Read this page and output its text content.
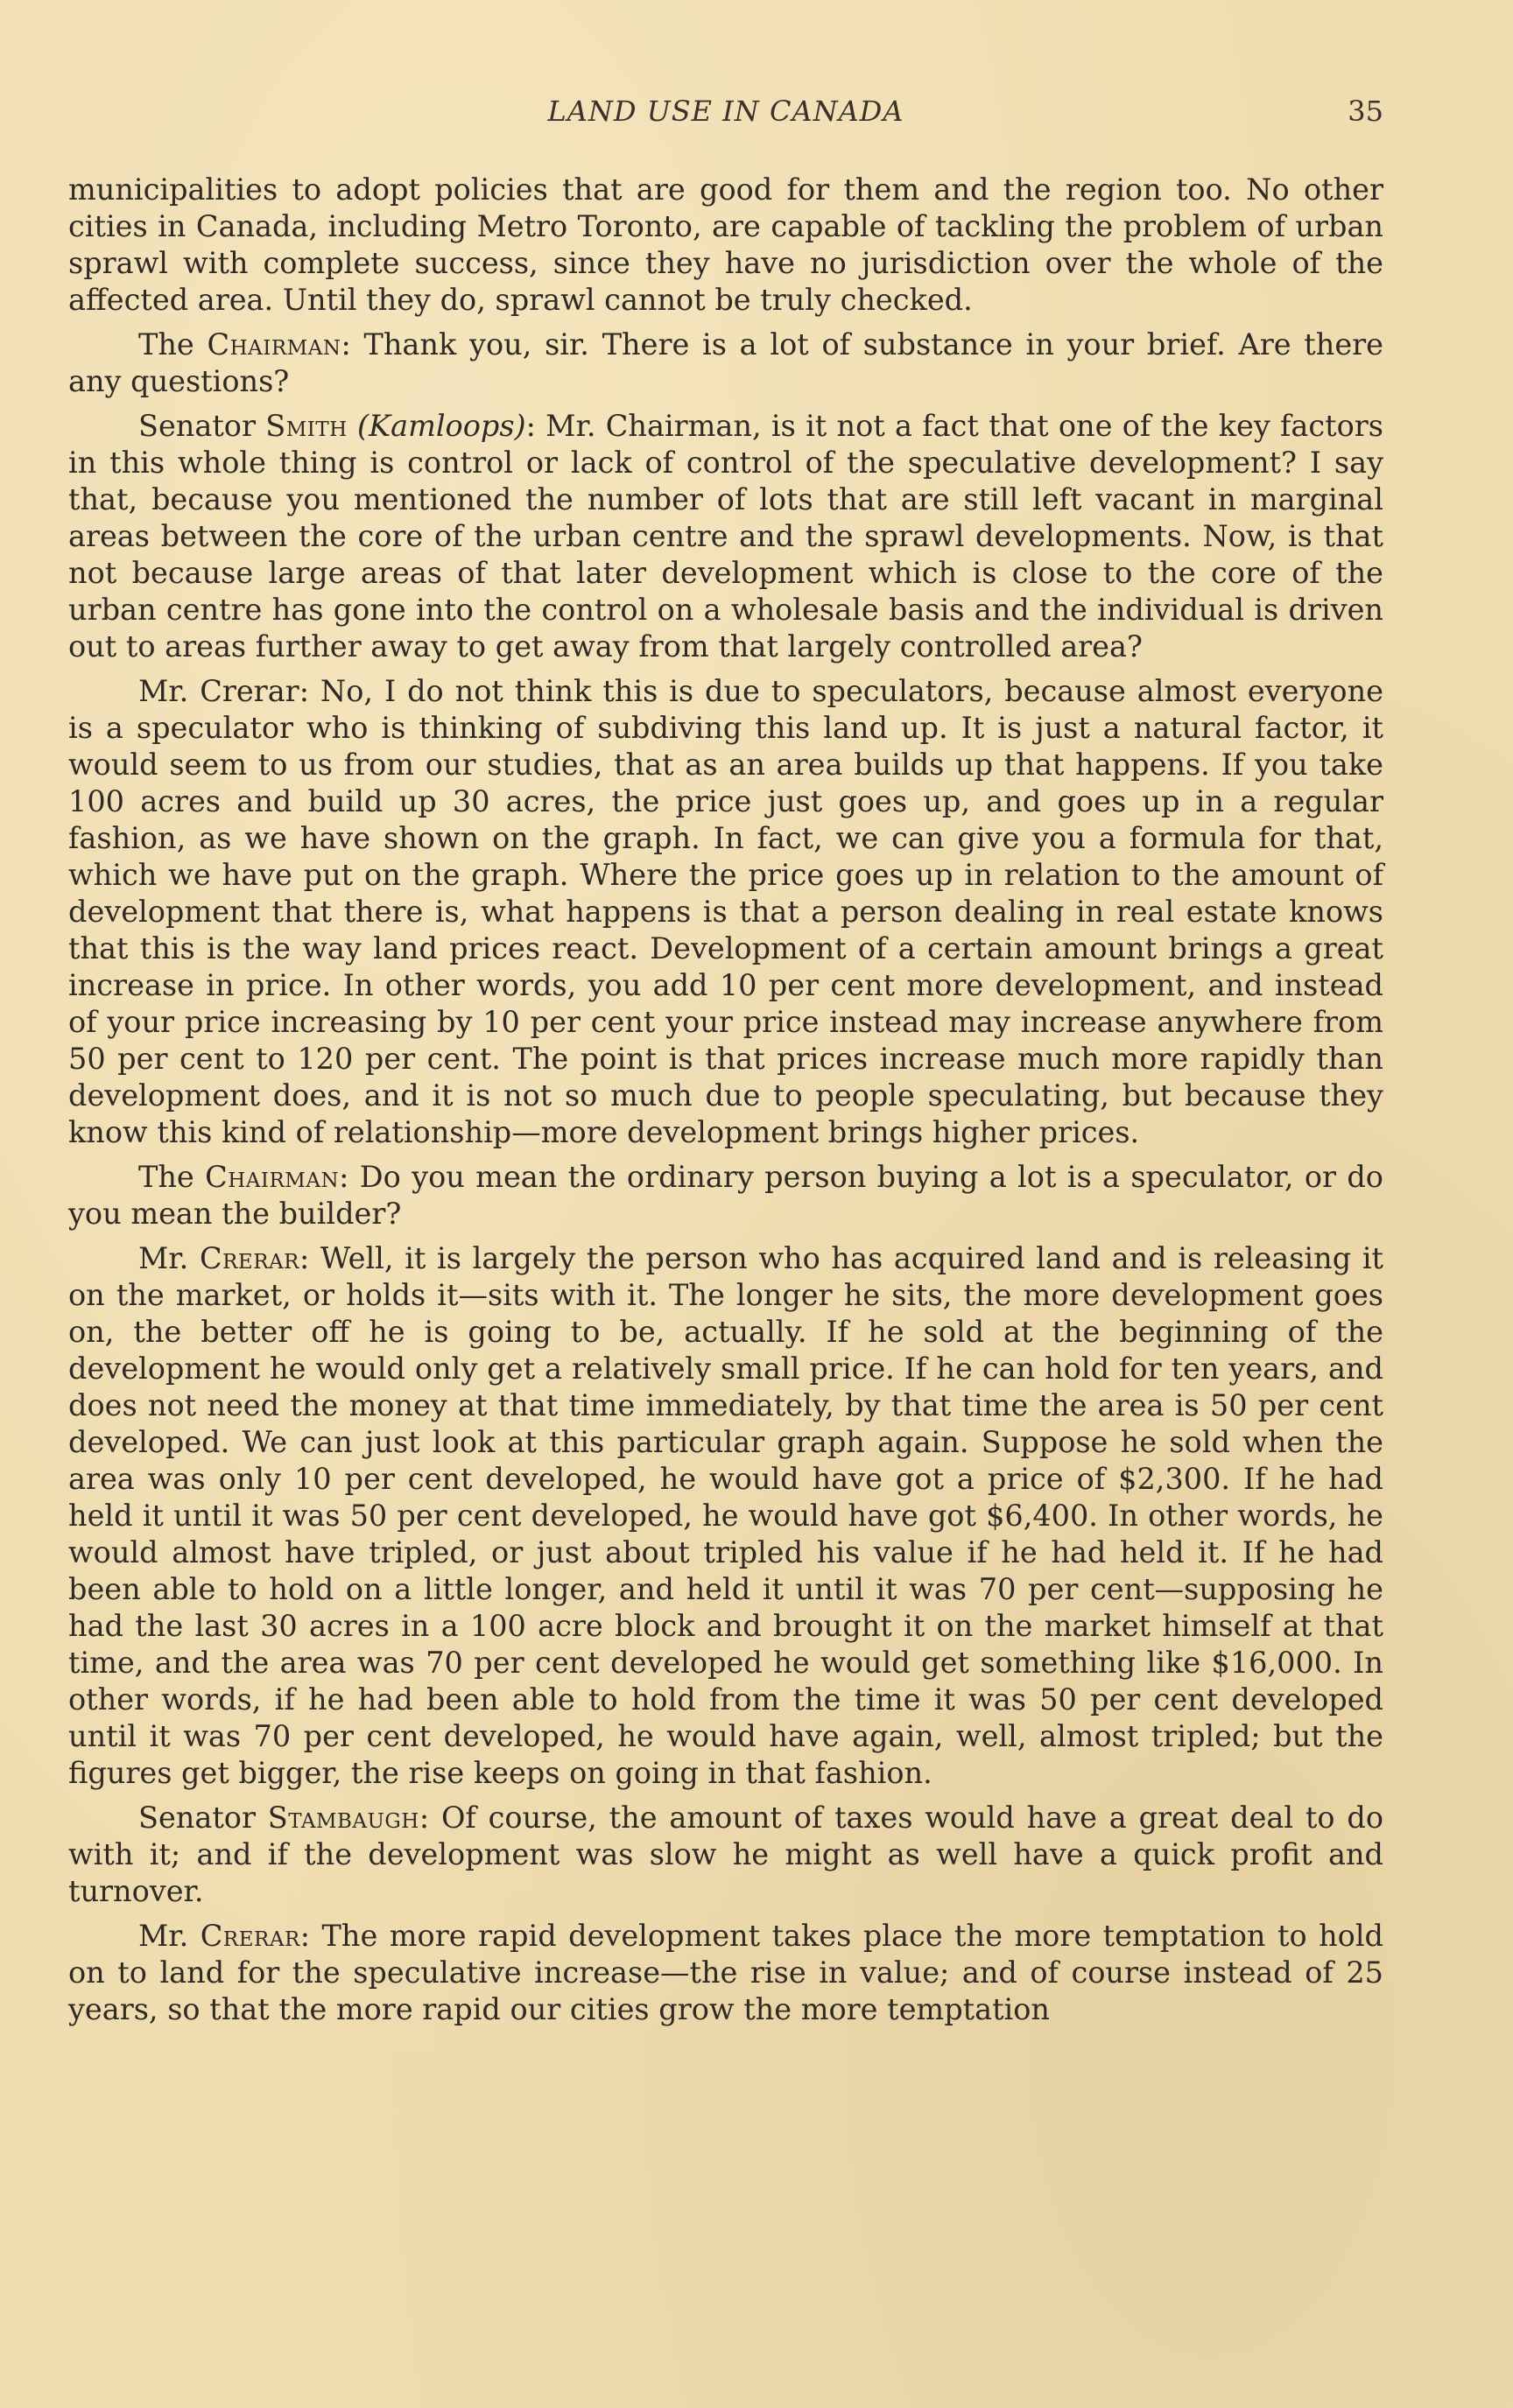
LAND USE IN CANADA	35

municipalities to adopt policies that are good for them and the region too. No other cities in Canada, including Metro Toronto, are capable of tackling the problem of urban sprawl with complete success, since they have no jurisdiction over the whole of the affected area. Until they do, sprawl cannot be truly checked.

The Chairman: Thank you, sir. There is a lot of substance in your brief. Are there any questions?

Senator Smith (Kamloops): Mr. Chairman, is it not a fact that one of the key factors in this whole thing is control or lack of control of the speculative development? I say that, because you mentioned the number of lots that are still left vacant in marginal areas between the core of the urban centre and the sprawl developments. Now, is that not because large areas of that later development which is close to the core of the urban centre has gone into the control on a wholesale basis and the individual is driven out to areas further away to get away from that largely controlled area?

Mr. Crerar: No, I do not think this is due to speculators, because almost everyone is a speculator who is thinking of subdiving this land up. It is just a natural factor, it would seem to us from our studies, that as an area builds up that happens. If you take 100 acres and build up 30 acres, the price just goes up, and goes up in a regular fashion, as we have shown on the graph. In fact, we can give you a formula for that, which we have put on the graph. Where the price goes up in relation to the amount of development that there is, what happens is that a person dealing in real estate knows that this is the way land prices react. Development of a certain amount brings a great increase in price. In other words, you add 10 per cent more development, and instead of your price increasing by 10 per cent your price instead may increase anywhere from 50 per cent to 120 per cent. The point is that prices increase much more rapidly than development does, and it is not so much due to people speculating, but because they know this kind of relationship—more development brings higher prices.

The Chairman: Do you mean the ordinary person buying a lot is a speculator, or do you mean the builder?

Mr. Crerar: Well, it is largely the person who has acquired land and is releasing it on the market, or holds it—sits with it. The longer he sits, the more development goes on, the better off he is going to be, actually. If he sold at the beginning of the development he would only get a relatively small price. If he can hold for ten years, and does not need the money at that time immediately, by that time the area is 50 per cent developed. We can just look at this particular graph again. Suppose he sold when the area was only 10 per cent developed, he would have got a price of $2,300. If he had held it until it was 50 per cent developed, he would have got $6,400. In other words, he would almost have tripled, or just about tripled his value if he had held it. If he had been able to hold on a little longer, and held it until it was 70 per cent—supposing he had the last 30 acres in a 100 acre block and brought it on the market himself at that time, and the area was 70 per cent developed he would get something like $16,000. In other words, if he had been able to hold from the time it was 50 per cent developed until it was 70 per cent developed, he would have again, well, almost tripled; but the figures get bigger, the rise keeps on going in that fashion.

Senator Stambaugh: Of course, the amount of taxes would have a great deal to do with it; and if the development was slow he might as well have a quick profit and turnover.

Mr. Crerar: The more rapid development takes place the more temptation to hold on to land for the speculative increase—the rise in value; and of course instead of 25 years, so that the more rapid our cities grow the more temptation
